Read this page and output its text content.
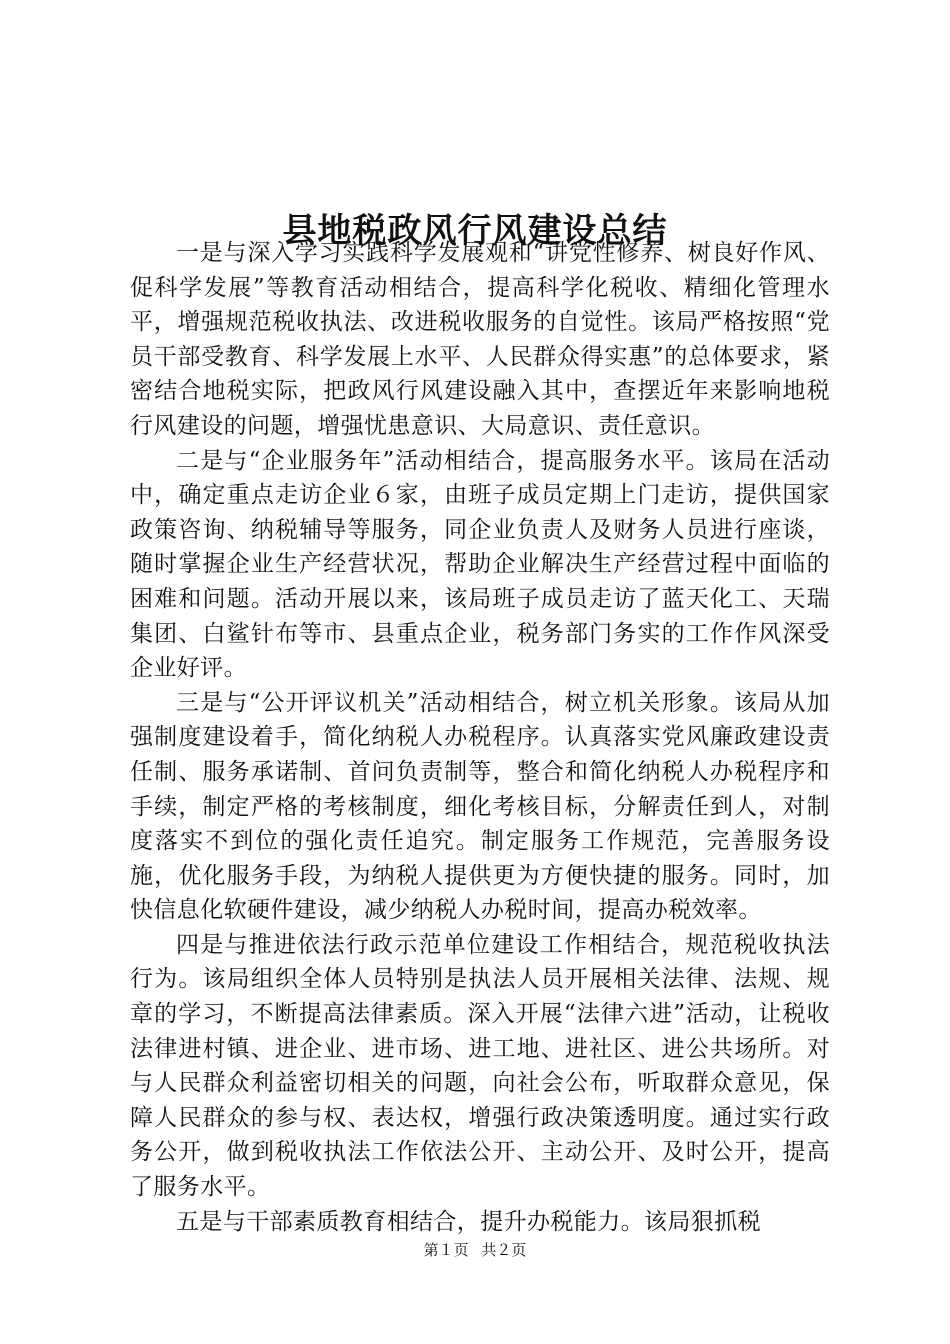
县地税政风行风建设总结

一是与深入学习实践科学发展观和“讲党性修养、树良好作风、促科学发展”等教育活动相结合，提高科学化税收、精细化管理水平，增强规范税收执法、改进税收服务的自觉性。该局严格按照“党员干部受教育、科学发展上水平、人民群众得实惠”的总体要求，紧密结合地税实际，把政风行风建设融入其中，查摆近年来影响地税行风建设的问题，增强忧患意识、大局意识、责任意识。

二是与“企业服务年”活动相结合，提高服务水平。该局在活动中，确定重点走访企业６家，由班子成员定期上门走访，提供国家政策咨询、纳税辅导等服务，同企业负责人及财务人员进行座谈，随时掌握企业生产经营状况，帮助企业解决生产经营过程中面临的困难和问题。活动开展以来，该局班子成员走访了蓝天化工、天瑞集团、白鲨针布等市、县重点企业，税务部门务实的工作作风深受企业好评。

三是与“公开评议机关”活动相结合，树立机关形象。该局从加强制度建设着手，简化纳税人办税程序。认真落实党风廉政建设责任制、服务承诺制、首问负责制等，整合和简化纳税人办税程序和手续，制定严格的考核制度，细化考核目标，分解责任到人，对制度落实不到位的强化责任追究。制定服务工作规范，完善服务设施，优化服务手段，为纳税人提供更为方便快捷的服务。同时，加快信息化软硬件建设，减少纳税人办税时间，提高办税效率。

四是与推进依法行政示范单位建设工作相结合，规范税收执法行为。该局组织全体人员特别是执法人员开展相关法律、法规、规章的学习，不断提高法律素质。深入开展“法律六进”活动，让税收法律进村镇、进企业、进市场、进工地、进社区、进公共场所。对与人民群众利益密切相关的问题，向社会公布，听取群众意见，保障人民群众的参与权、表达权，增强行政决策透明度。通过实行政务公开，做到税收执法工作依法公开、主动公开、及时公开，提高了服务水平。

五是与干部素质教育相结合，提升办税能力。该局狠抓税

第１页 共２页
